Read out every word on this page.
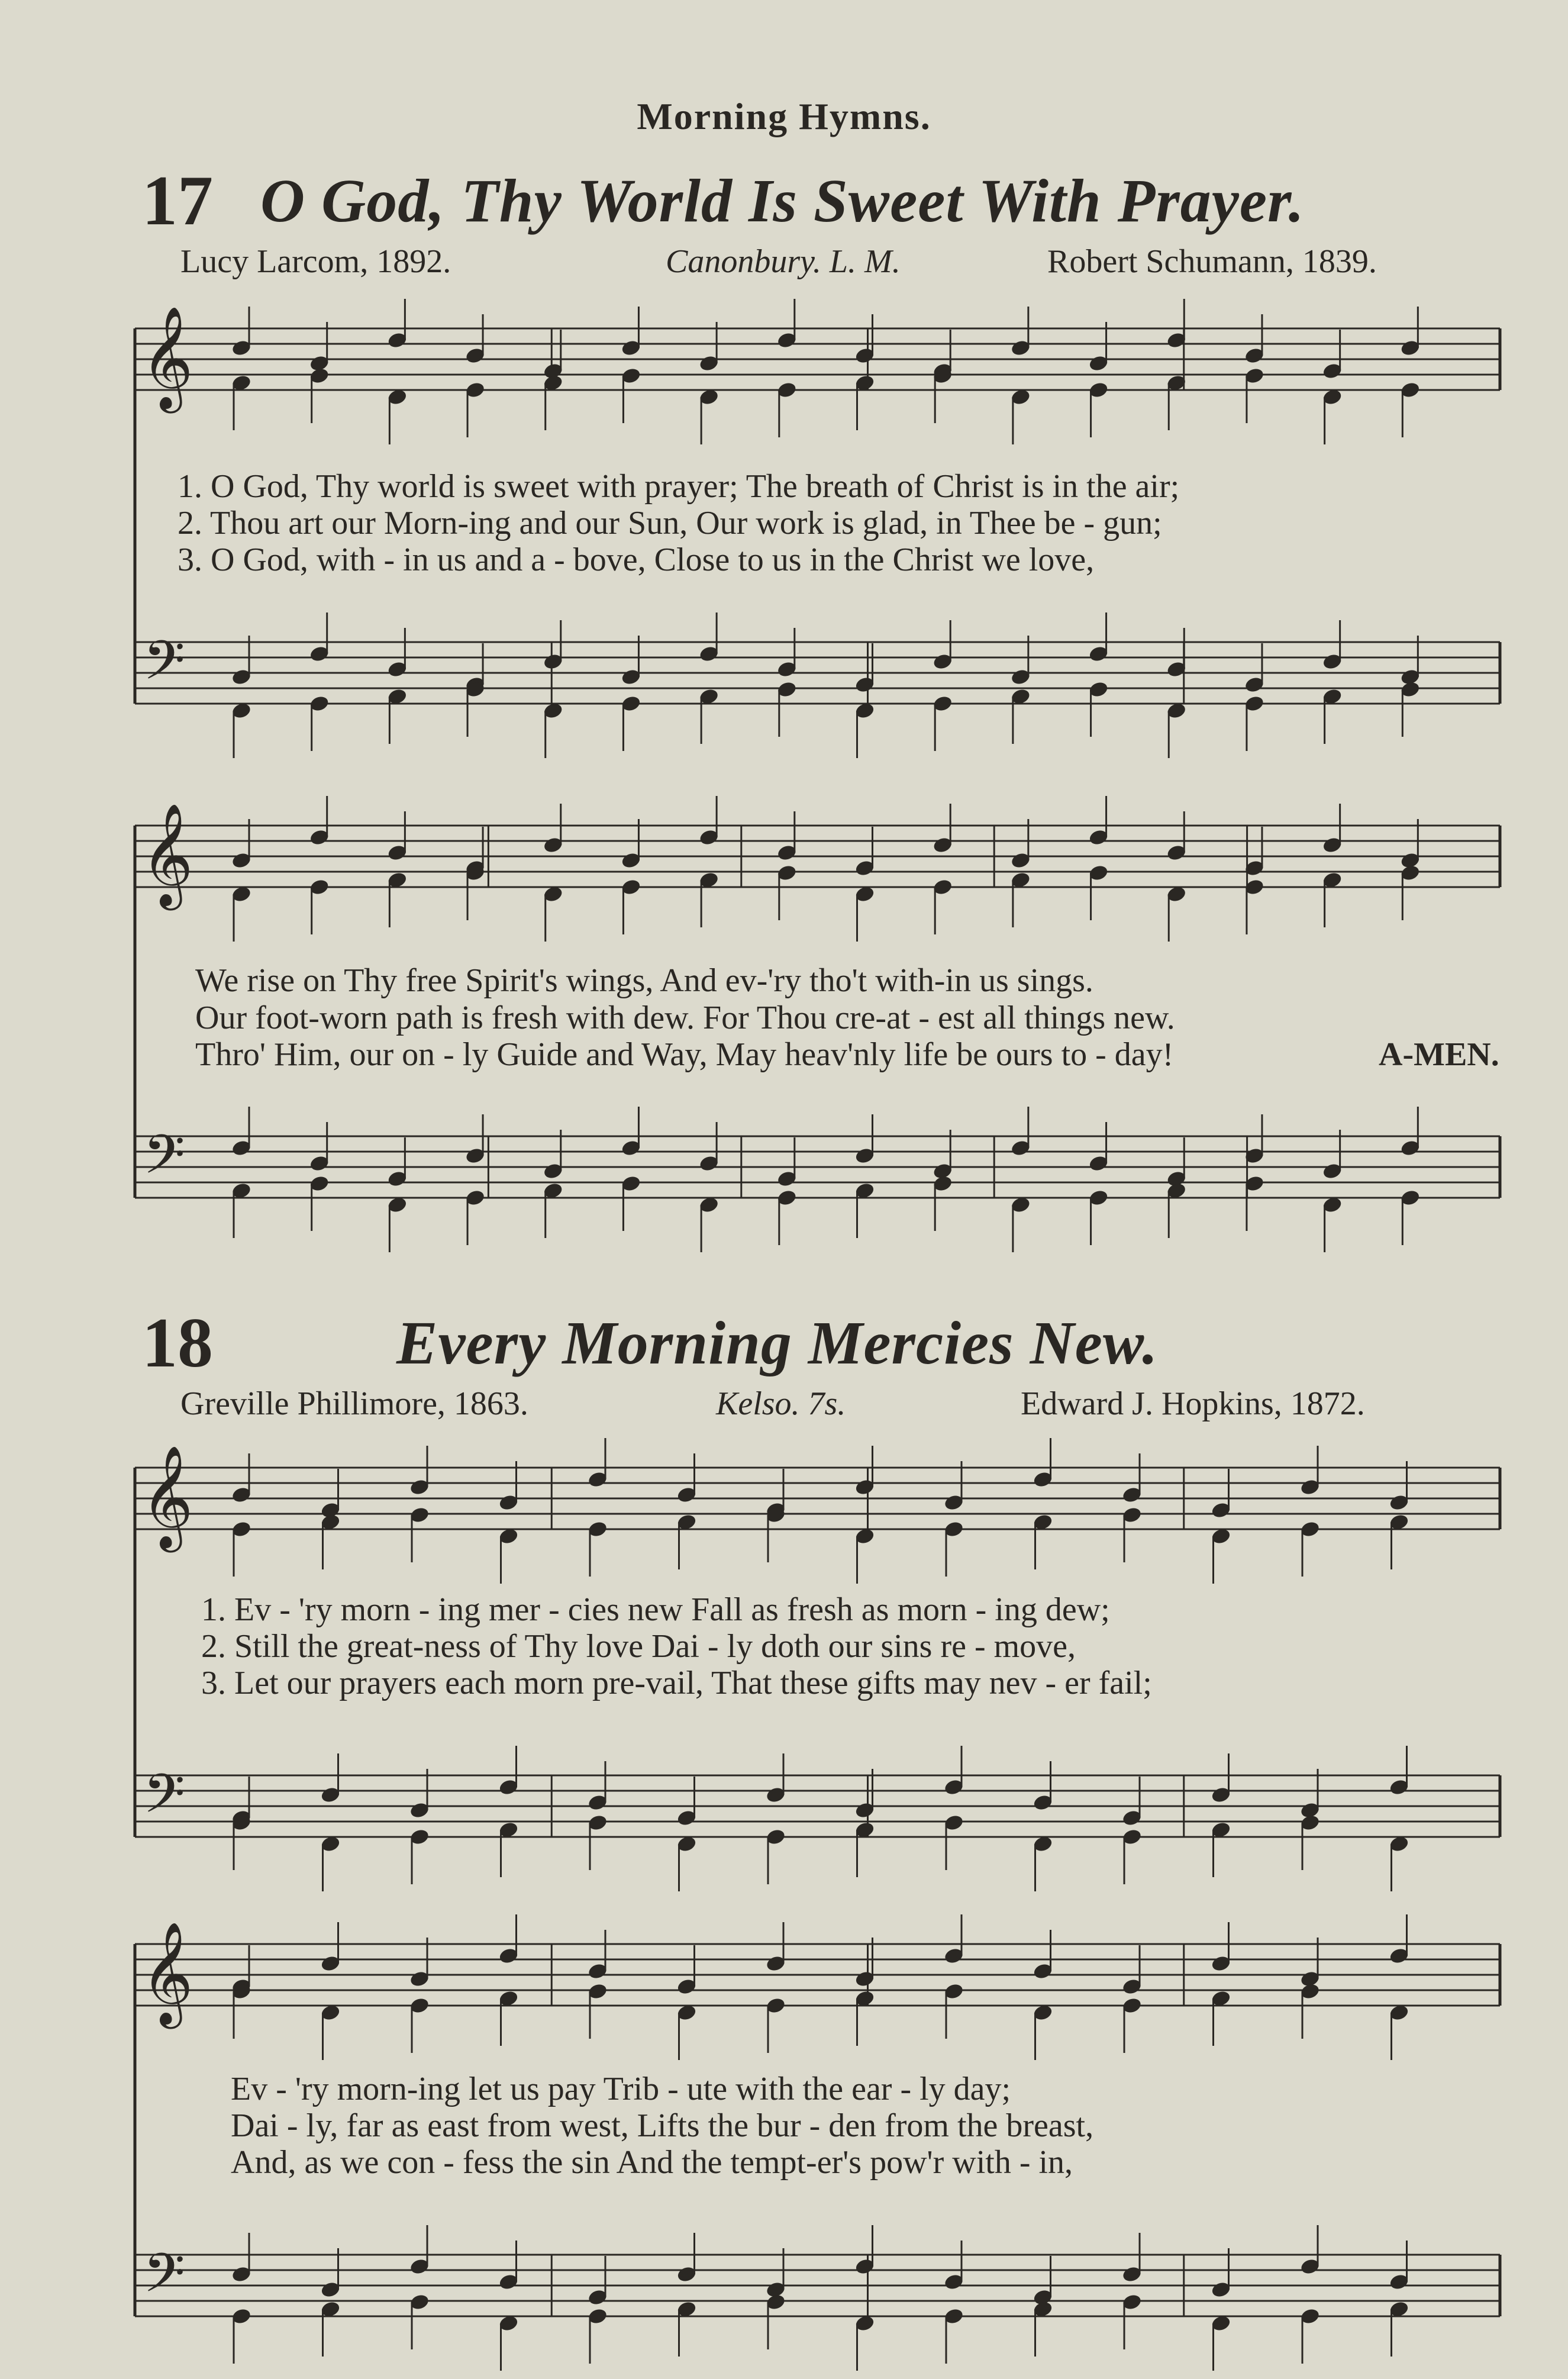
Morning Hymns.
17 O God, Thy World Is Sweet With Prayer.
Lucy Larcom, 1892.	Canonbury. L. M.	Robert Schumann, 1839.
1. O God, Thy world is sweet with prayer; The breath of Christ is in the air;
2. Thou art our Morn-ing and our Sun, Our work is glad, in Thee be - gun;
3. O God, with - in us and a - bove, Close to us in the Christ we love,
We rise on Thy free Spirit's wings, And ev-'ry tho't with-in us sings.
Our foot-worn path is fresh with dew. For Thou cre-at - est all things new.
Thro' Him, our on - ly Guide and Way, May heav'nly life be ours to - day!	A-MEN.
18	Every Morning Mercies New.
Greville Phillimore, 1863.	Kelso. 7s.	Edward J. Hopkins, 1872.
1. Ev - 'ry morn - ing mer - cies new Fall as fresh as morn - ing dew;
2. Still the great-ness of Thy love Dai - ly doth our sins re - move,
3. Let our prayers each morn pre-vail, That these gifts may nev - er fail;
Ev - 'ry morn-ing let us pay Trib - ute with the ear - ly day;
Dai - ly, far as east from west, Lifts the bur - den from the breast,
And, as we con - fess the sin And the tempt-er's pow'r with - in,
𝄞
𝄢
𝄞
𝄢
𝄞
𝄢
𝄞
𝄢
